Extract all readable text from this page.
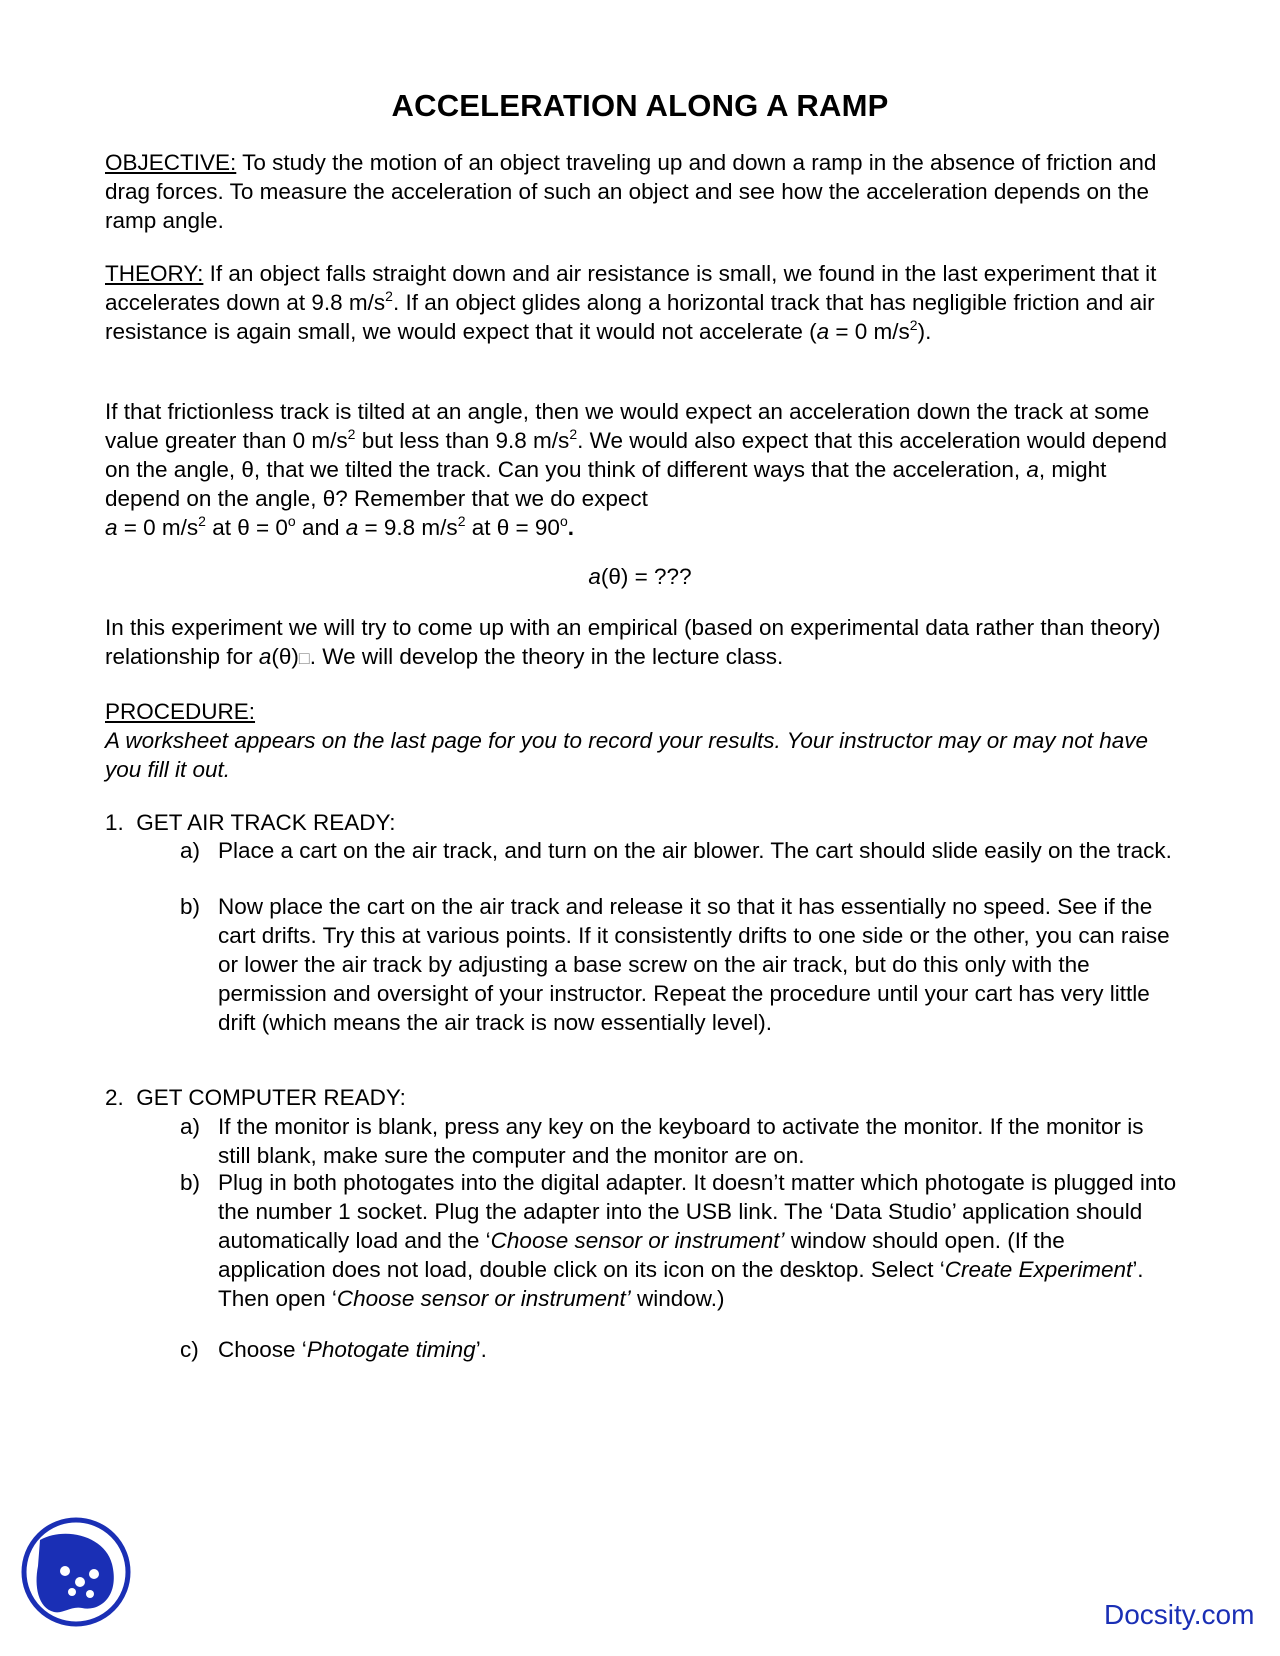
ACCELERATION ALONG A RAMP
OBJECTIVE: To study the motion of an object traveling up and down a ramp in the absence of friction and drag forces. To measure the acceleration of such an object and see how the acceleration depends on the ramp angle.
THEORY: If an object falls straight down and air resistance is small, we found in the last experiment that it accelerates down at 9.8 $m/s^2$. If an object glides along a horizontal track that has negligible friction and air resistance is again small, we would expect that it would not accelerate (a = 0 $m/s^2$).
If that frictionless track is tilted at an angle, then we would expect an acceleration down the track at some value greater than 0 $m/s^2$ but less than 9.8 $m/s^2$. We would also expect that this acceleration would depend on the angle, θ, that we tilted the track. Can you think of different ways that the acceleration, a, might depend on the angle, θ? Remember that we do expect
a = 0 $m/s^2$ at $\theta = 0^o$ and a = 9.8 $m/s^2$ at $\theta = 90^o$.
a(θ) = ???
In this experiment we will try to come up with an empirical (based on experimental data rather than theory) relationship for a(θ)□. We will develop the theory in the lecture class.
PROCEDURE:
A worksheet appears on the last page for you to record your results. Your instructor may or may not have you fill it out.
1. GET AIR TRACK READY:
a) Place a cart on the air track, and turn on the air blower. The cart should slide easily on the track.
b) Now place the cart on the air track and release it so that it has essentially no speed. See if the cart drifts. Try this at various points. If it consistently drifts to one side or the other, you can raise or lower the air track by adjusting a base screw on the air track, but do this only with the permission and oversight of your instructor. Repeat the procedure until your cart has very little drift (which means the air track is now essentially level).
2. GET COMPUTER READY:
a) If the monitor is blank, press any key on the keyboard to activate the monitor. If the monitor is still blank, make sure the computer and the monitor are on.
b) Plug in both photogates into the digital adapter. It doesn’t matter which photogate is plugged into the number 1 socket. Plug the adapter into the USB link. The ‘Data Studio’ application should automatically load and the ‘Choose sensor or instrument’ window should open. (If the application does not load, double click on its icon on the desktop. Select ‘Create Experiment’. Then open ‘Choose sensor or instrument’ window.)
c) Choose ‘Photogate timing’.
Docsity.com
